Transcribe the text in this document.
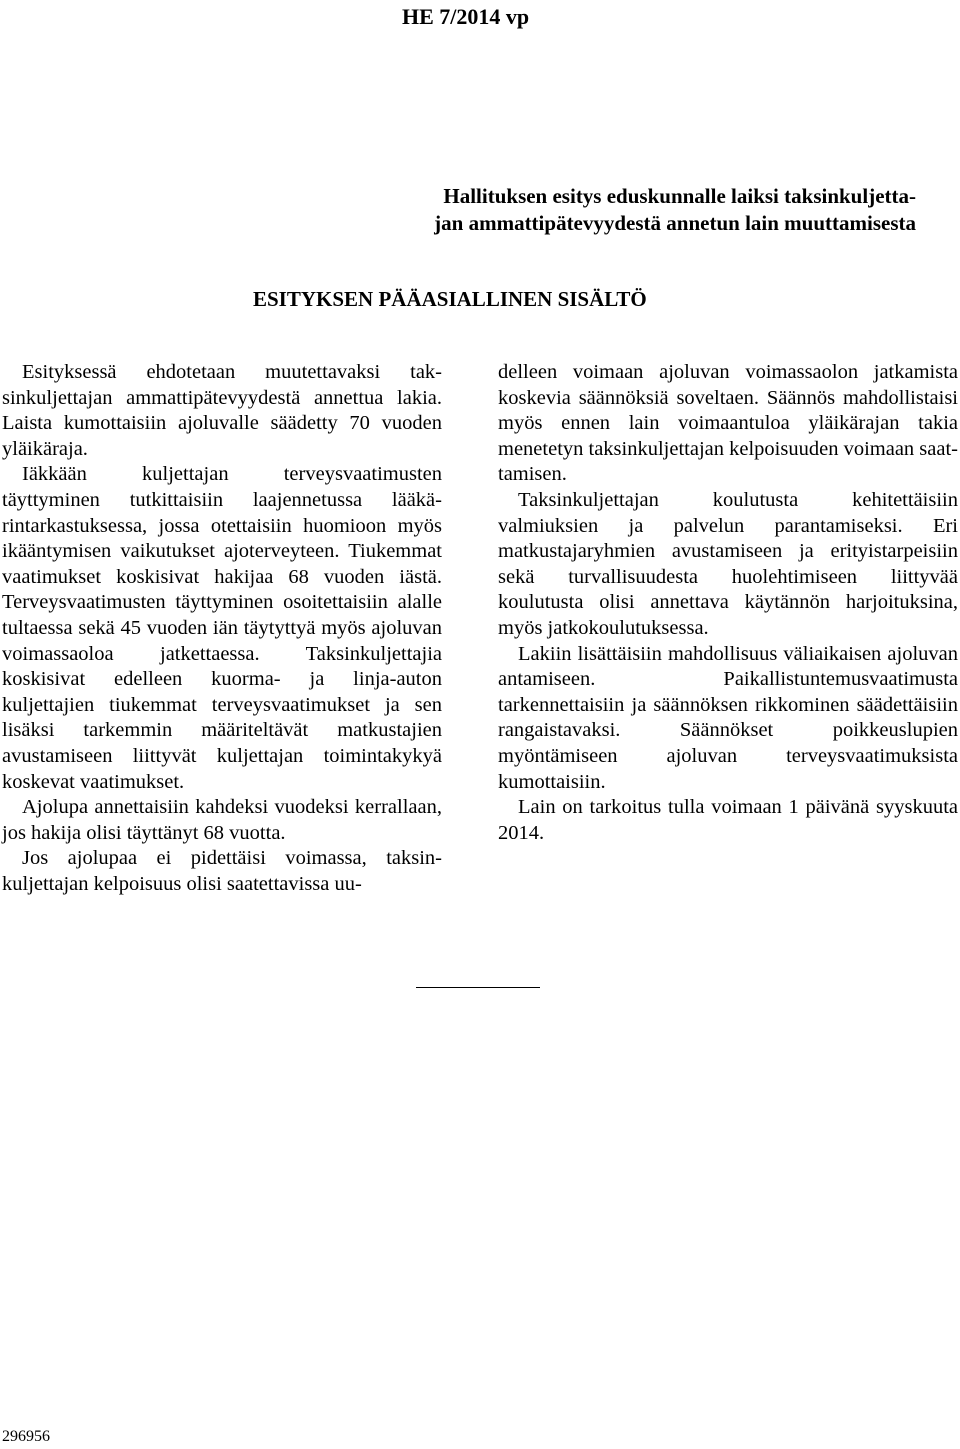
HE 7/2014 vp
Hallituksen esitys eduskunnalle laiksi taksinkuljetta-
jan ammattipätevyydestä annetun lain muuttamisesta
ESITYKSEN PÄÄASIALLINEN SISÄLTÖ

Esityksessä ehdotetaan muutettavaksi taksinkuljettajan ammattipätevyydestä annettua lakia. Laista kumottaisiin ajoluvalle säädetty 70 vuoden yläikäraja.

Iäkkään kuljettajan terveysvaatimusten täyttyminen tutkittaisiin laajennetussa lääkärintarkastuksessa, jossa otettaisiin huomioon myös ikääntymisen vaikutukset ajoterveyteen. Tiukemmat vaatimukset koskisivat hakijaa 68 vuoden iästä. Terveysvaatimusten täyttyminen osoitettaisiin alalle tultaessa sekä 45 vuoden iän täytyttyä myös ajoluvan voimassaoloa jatkettaessa. Taksinkuljettajia koskisivat edelleen kuorma- ja linja-auton kuljettajien tiukemmat terveysvaatimukset ja sen lisäksi tarkemmin määriteltävät matkustajien avustamiseen liittyvät kuljettajan toimintakykyä koskevat vaatimukset.

Ajolupa annettaisiin kahdeksi vuodeksi kerrallaan, jos hakija olisi täyttänyt 68 vuotta.

Jos ajolupaa ei pidettäisi voimassa, taksinkuljettajan kelpoisuus olisi saatettavissa uu-

delleen voimaan ajoluvan voimassaolon jatkamista koskevia säännöksiä soveltaen. Säännös mahdollistaisi myös ennen lain voimaantuloa yläikärajan takia menetetyn taksinkuljettajan kelpoisuuden voimaan saattamisen.

Taksinkuljettajan koulutusta kehitettäisiin valmiuksien ja palvelun parantamiseksi. Eri matkustajaryhmien avustamiseen ja erityistarpeisiin sekä turvallisuudesta huolehtimiseen liittyvää koulutusta olisi annettava käytännön harjoituksina, myös jatkokoulutuksessa.

Lakiin lisättäisiin mahdollisuus väliaikaisen ajoluvan antamiseen. Paikallistuntemusvaatimusta tarkennettaisiin ja säännöksen rikkominen säädettäisiin rangaistavaksi. Säännökset poikkeuslupien myöntämiseen ajoluvan terveysvaatimuksista kumottaisiin.

Lain on tarkoitus tulla voimaan 1 päivänä syyskuuta 2014.

296956
